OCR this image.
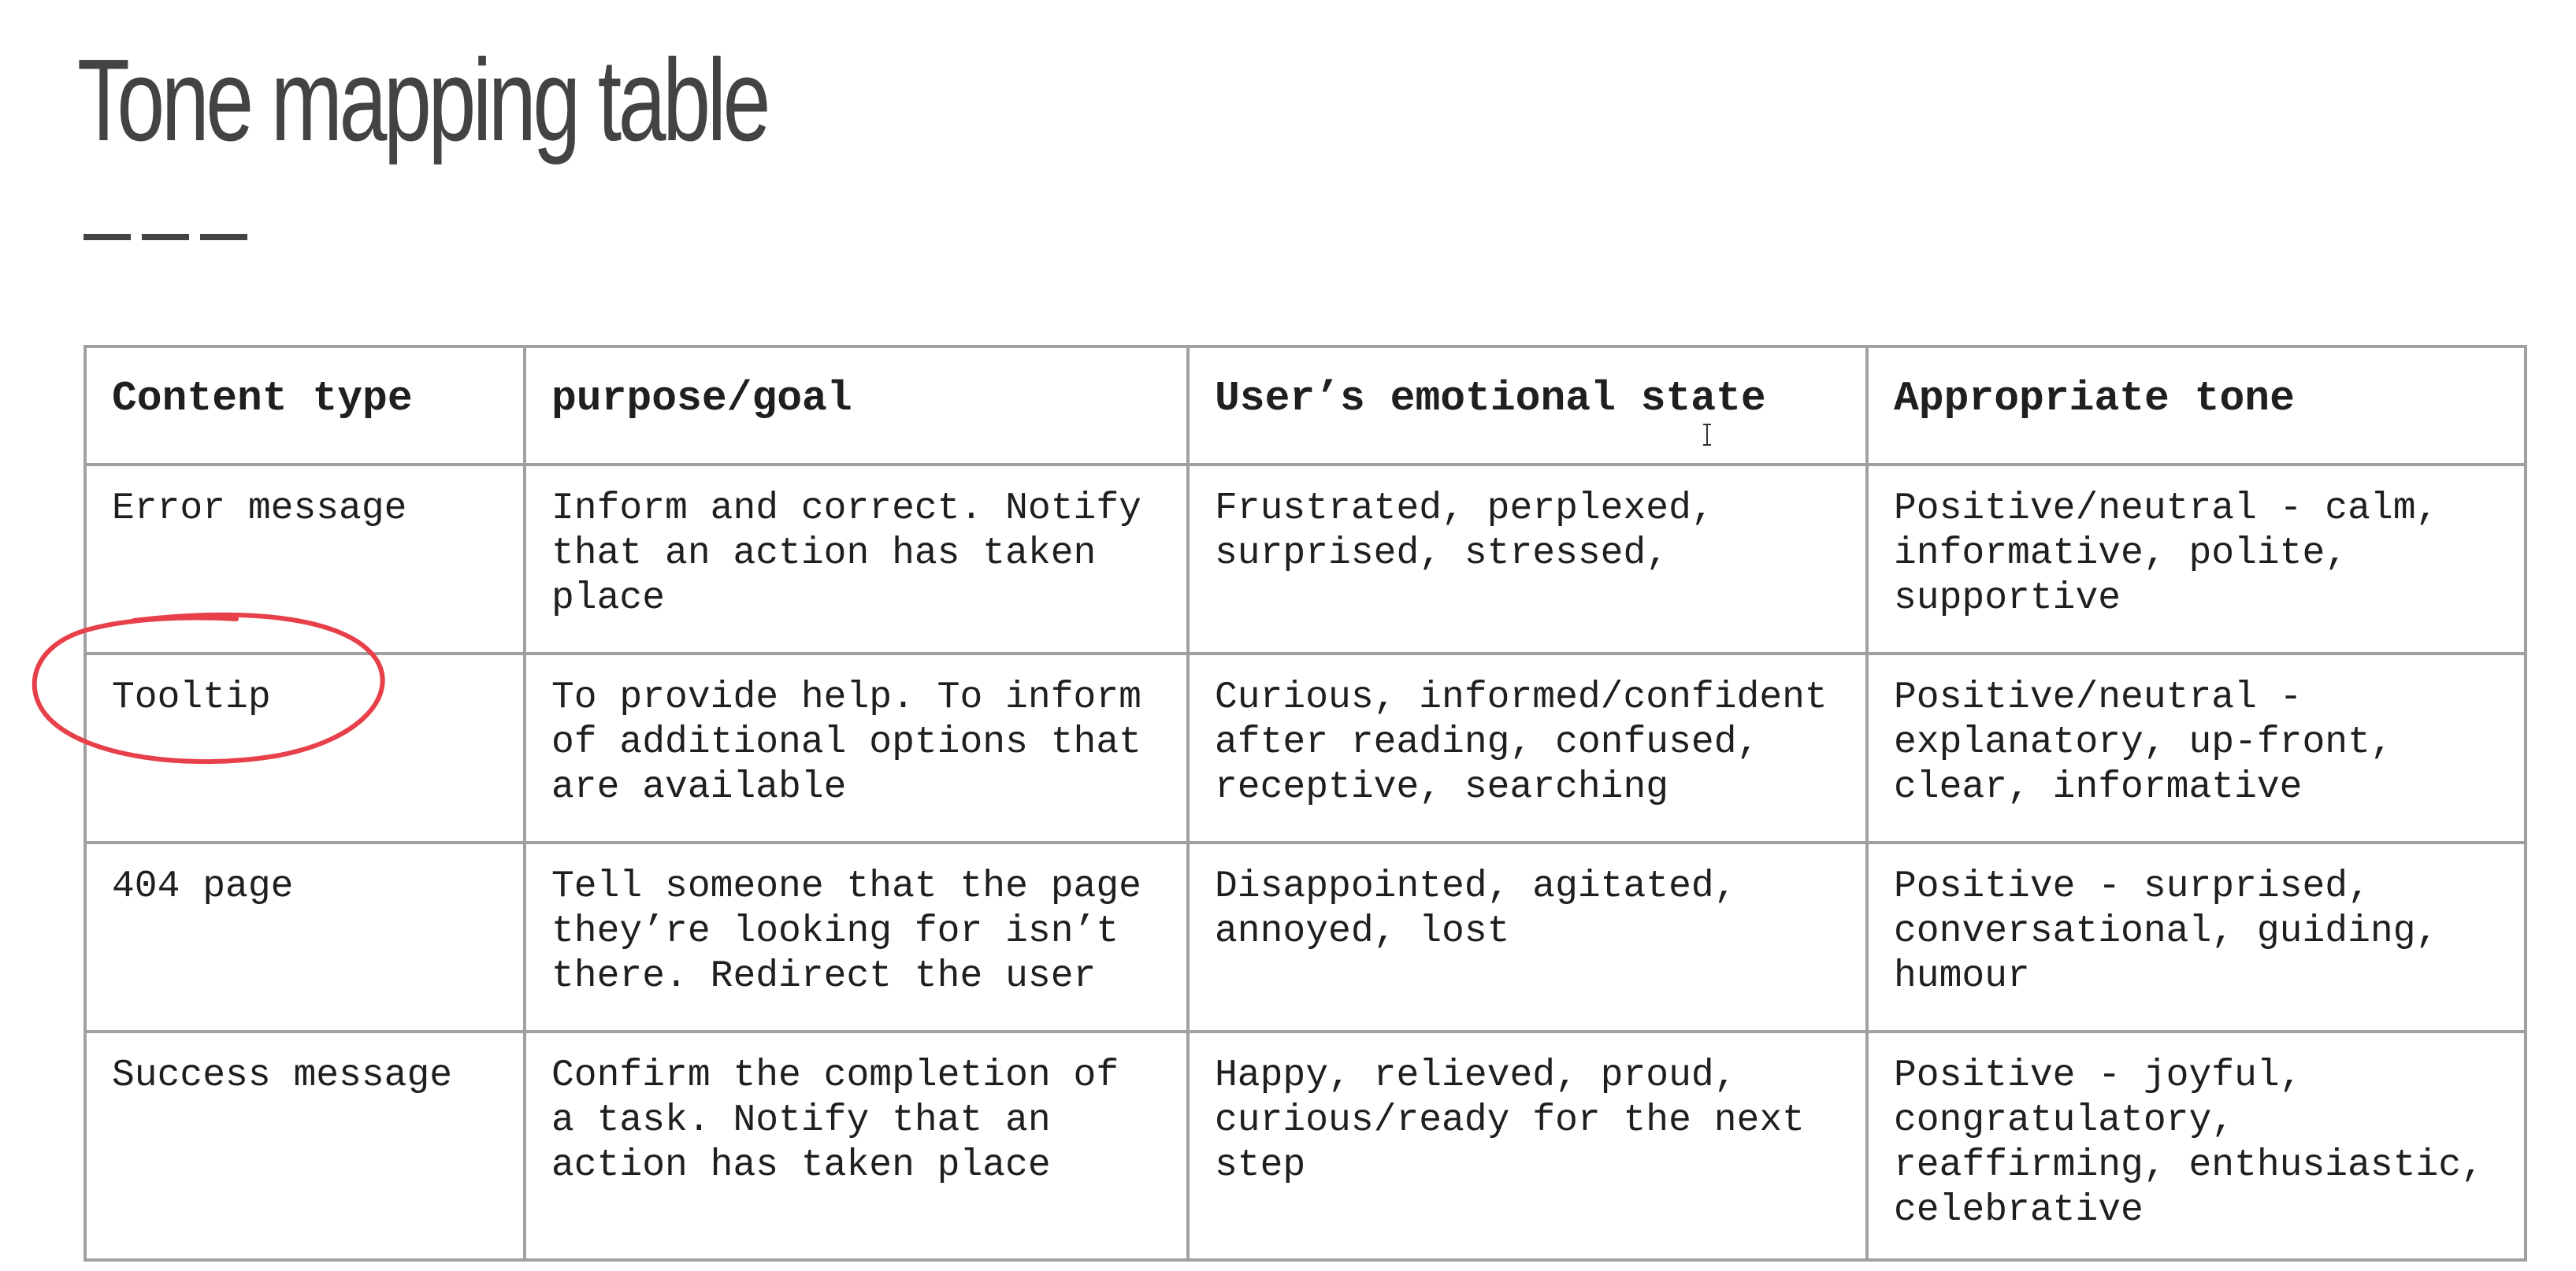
Tone mapping table
Content type	purpose/goal	User’s emotional state	Appropriate tone
Error message	Inform and correct. Notify that an action has taken place	Frustrated, perplexed, surprised, stressed,	Positive/neutral - calm, informative, polite, supportive
Tooltip	To provide help. To inform of additional options that are available	Curious, informed/confident after reading, confused, receptive, searching	Positive/neutral - explanatory, up-front, clear, informative
404 page	Tell someone that the page they’re looking for isn’t there. Redirect the user	Disappointed, agitated, annoyed, lost	Positive - surprised, conversational, guiding, humour
Success message	Confirm the completion of a task. Notify that an action has taken place	Happy, relieved, proud, curious/ready for the next step	Positive - joyful, congratulatory, reaffirming, enthusiastic, celebrative
